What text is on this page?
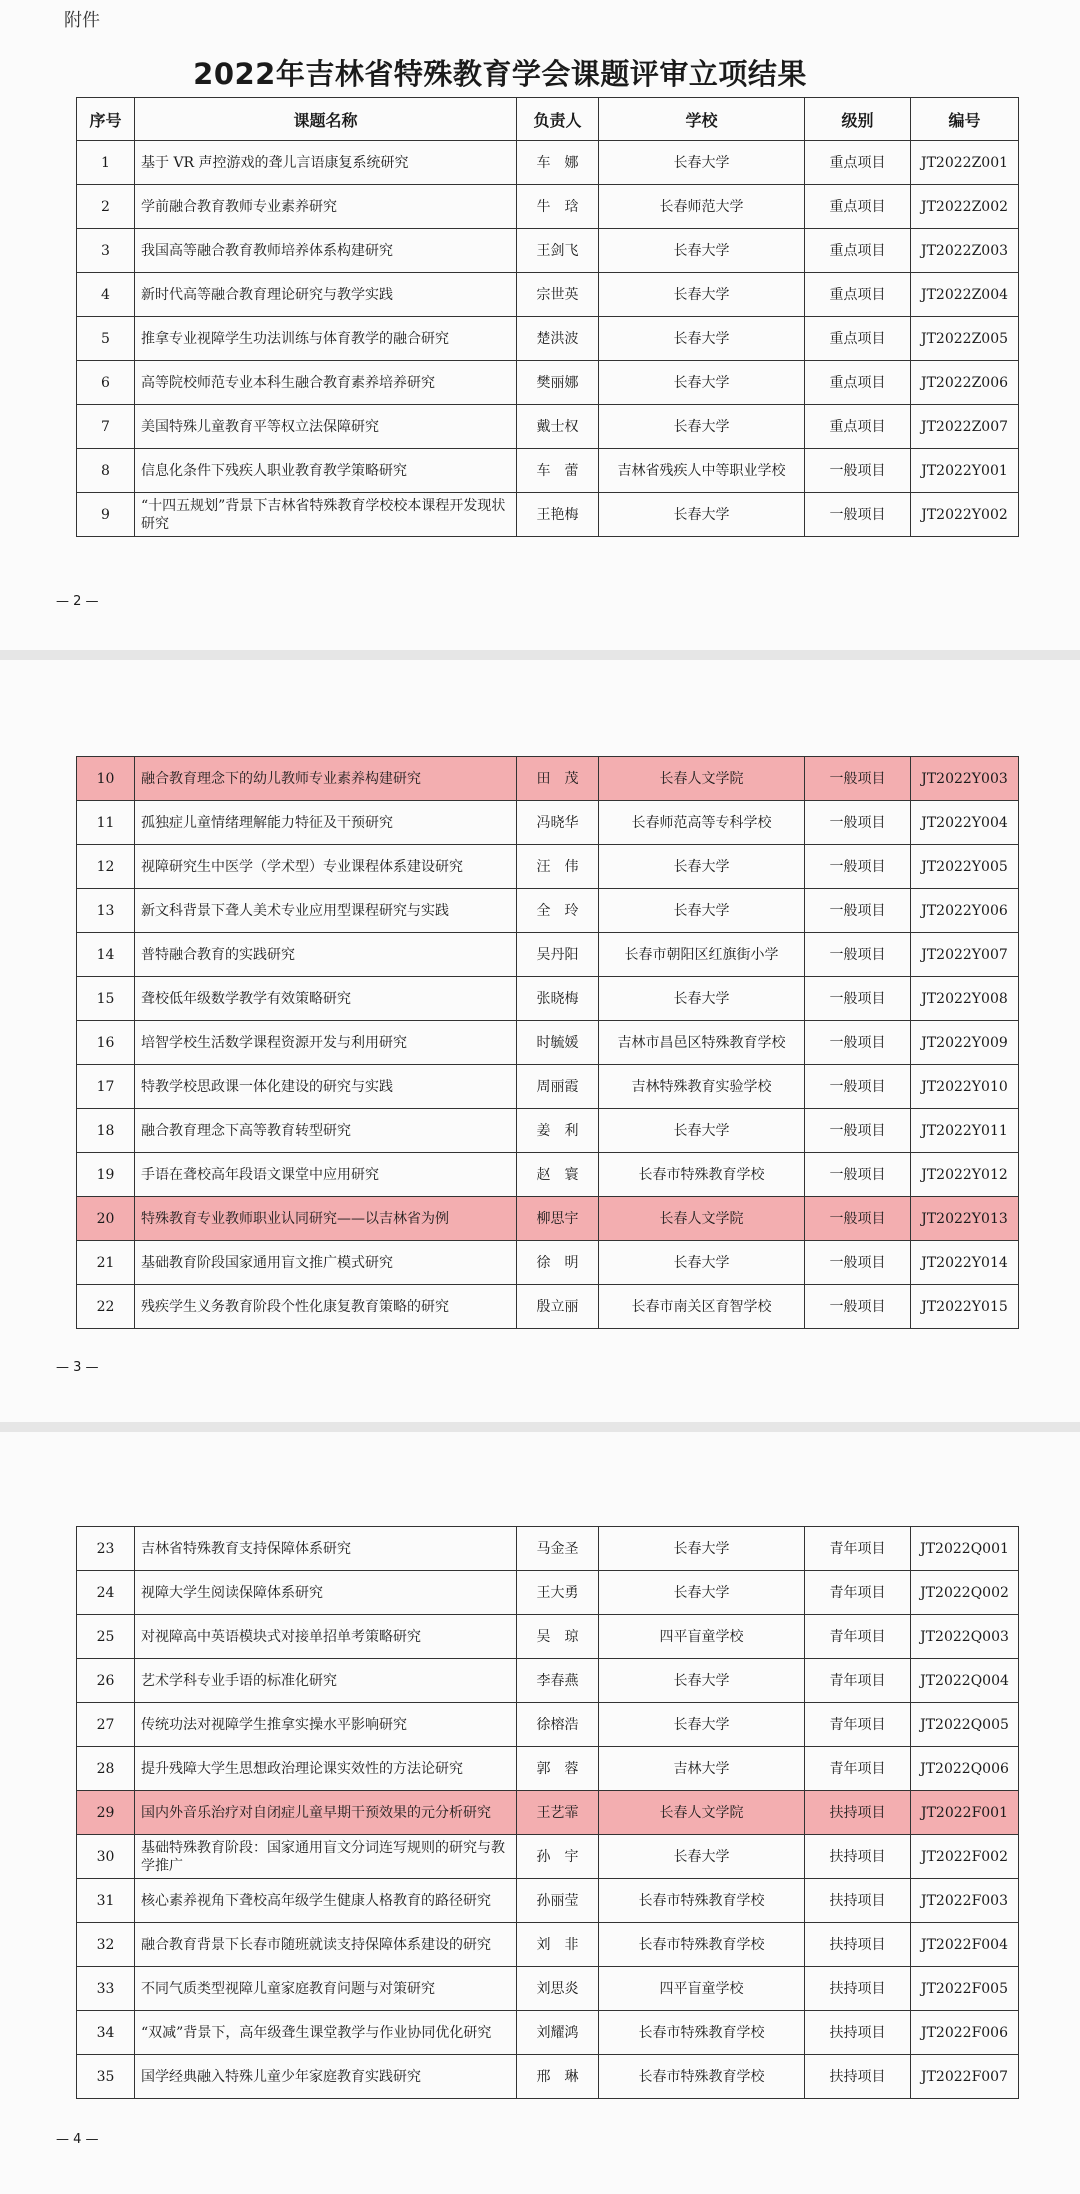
附件
2022年吉林省特殊教育学会课题评审立项结果
序号	课题名称	负责人	学校	级别	编号
1	基于 VR 声控游戏的聋儿言语康复系统研究	车　娜	长春大学	重点项目	JT2022Z001
2	学前融合教育教师专业素养研究	牛　琀	长春师范大学	重点项目	JT2022Z002
3	我国高等融合教育教师培养体系构建研究	王剑飞	长春大学	重点项目	JT2022Z003
4	新时代高等融合教育理论研究与教学实践	宗世英	长春大学	重点项目	JT2022Z004
5	推拿专业视障学生功法训练与体育教学的融合研究	楚洪波	长春大学	重点项目	JT2022Z005
6	高等院校师范专业本科生融合教育素养培养研究	樊丽娜	长春大学	重点项目	JT2022Z006
7	美国特殊儿童教育平等权立法保障研究	戴士权	长春大学	重点项目	JT2022Z007
8	信息化条件下残疾人职业教育教学策略研究	车　蕾	吉林省残疾人中等职业学校	一般项目	JT2022Y001
9	“十四五规划”背景下吉林省特殊教育学校校本课程开发现状研究	王艳梅	长春大学	一般项目	JT2022Y002
— 2 —
10	融合教育理念下的幼儿教师专业素养构建研究	田　茂	长春人文学院	一般项目	JT2022Y003
11	孤独症儿童情绪理解能力特征及干预研究	冯晓华	长春师范高等专科学校	一般项目	JT2022Y004
12	视障研究生中医学（学术型）专业课程体系建设研究	汪　伟	长春大学	一般项目	JT2022Y005
13	新文科背景下聋人美术专业应用型课程研究与实践	全　玲	长春大学	一般项目	JT2022Y006
14	普特融合教育的实践研究	吴丹阳	长春市朝阳区红旗街小学	一般项目	JT2022Y007
15	聋校低年级数学教学有效策略研究	张晓梅	长春大学	一般项目	JT2022Y008
16	培智学校生活数学课程资源开发与利用研究	时毓媛	吉林市昌邑区特殊教育学校	一般项目	JT2022Y009
17	特教学校思政课一体化建设的研究与实践	周丽霞	吉林特殊教育实验学校	一般项目	JT2022Y010
18	融合教育理念下高等教育转型研究	姜　利	长春大学	一般项目	JT2022Y011
19	手语在聋校高年段语文课堂中应用研究	赵　寰	长春市特殊教育学校	一般项目	JT2022Y012
20	特殊教育专业教师职业认同研究——以吉林省为例	柳思宇	长春人文学院	一般项目	JT2022Y013
21	基础教育阶段国家通用盲文推广模式研究	徐　明	长春大学	一般项目	JT2022Y014
22	残疾学生义务教育阶段个性化康复教育策略的研究	殷立丽	长春市南关区育智学校	一般项目	JT2022Y015
— 3 —
23	吉林省特殊教育支持保障体系研究	马金圣	长春大学	青年项目	JT2022Q001
24	视障大学生阅读保障体系研究	王大勇	长春大学	青年项目	JT2022Q002
25	对视障高中英语模块式对接单招单考策略研究	吴　琼	四平盲童学校	青年项目	JT2022Q003
26	艺术学科专业手语的标准化研究	李春燕	长春大学	青年项目	JT2022Q004
27	传统功法对视障学生推拿实操水平影响研究	徐榕浩	长春大学	青年项目	JT2022Q005
28	提升残障大学生思想政治理论课实效性的方法论研究	郭　蓉	吉林大学	青年项目	JT2022Q006
29	国内外音乐治疗对自闭症儿童早期干预效果的元分析研究	王艺霏	长春人文学院	扶持项目	JT2022F001
30	基础特殊教育阶段：国家通用盲文分词连写规则的研究与教学推广	孙　宇	长春大学	扶持项目	JT2022F002
31	核心素养视角下聋校高年级学生健康人格教育的路径研究	孙丽莹	长春市特殊教育学校	扶持项目	JT2022F003
32	融合教育背景下长春市随班就读支持保障体系建设的研究	刘　非	长春市特殊教育学校	扶持项目	JT2022F004
33	不同气质类型视障儿童家庭教育问题与对策研究	刘思炎	四平盲童学校	扶持项目	JT2022F005
34	“双减”背景下，高年级聋生课堂教学与作业协同优化研究	刘耀鸿	长春市特殊教育学校	扶持项目	JT2022F006
35	国学经典融入特殊儿童少年家庭教育实践研究	邢　琳	长春市特殊教育学校	扶持项目	JT2022F007
— 4 —
